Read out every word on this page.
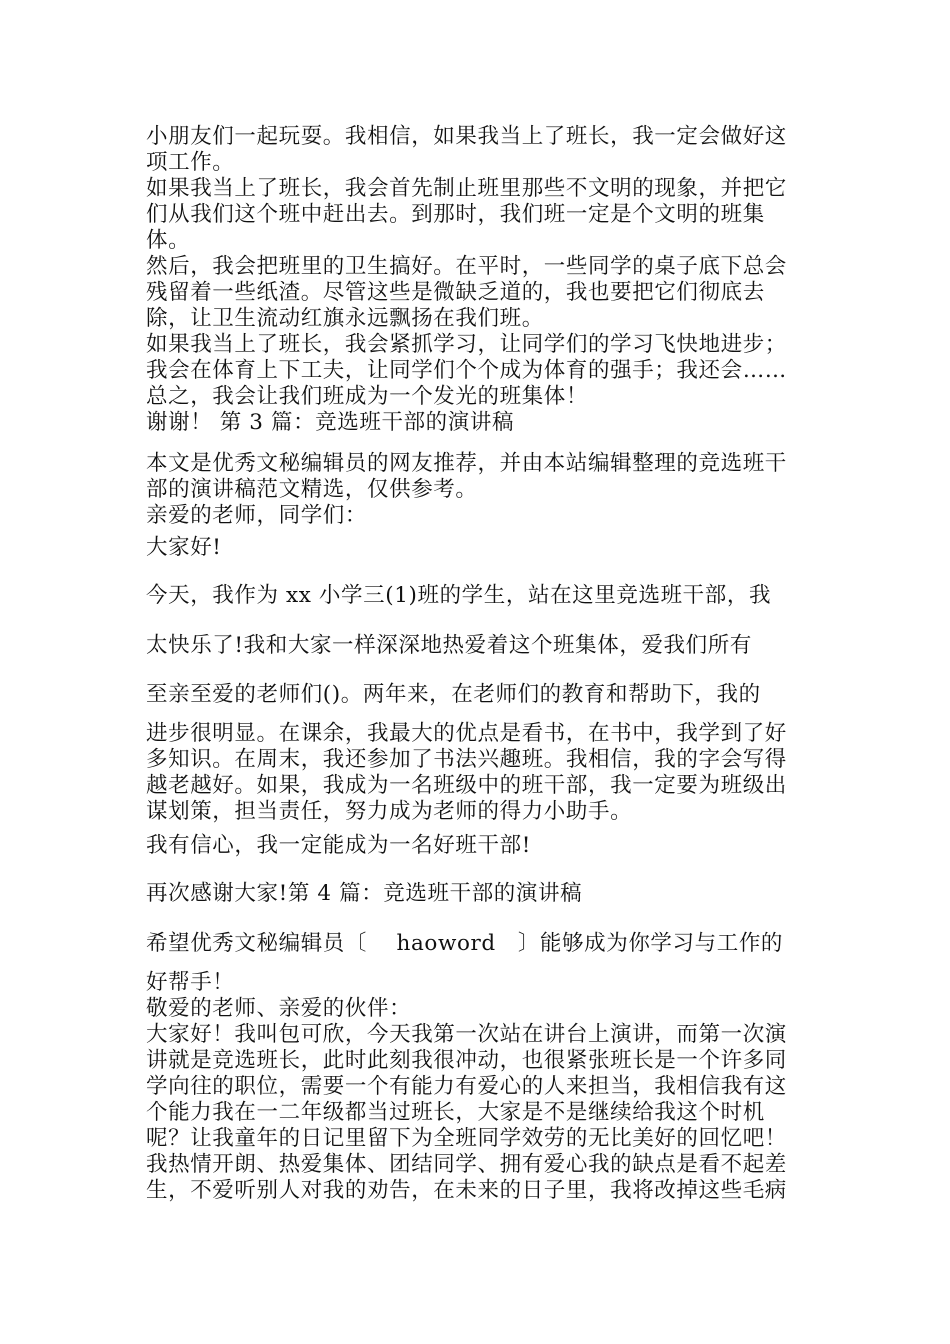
小朋友们一起玩耍。我相信，如果我当上了班长，我一定会做好这项工作。

如果我当上了班长，我会首先制止班里那些不文明的现象，并把它们从我们这个班中赶出去。到那时，我们班一定是个文明的班集体。

然后，我会把班里的卫生搞好。在平时，一些同学的桌子底下总会残留着一些纸渣。尽管这些是微缺乏道的，我也要把它们彻底去除，让卫生流动红旗永远飘扬在我们班。

如果我当上了班长，我会紧抓学习，让同学们的学习飞快地进步；我会在体育上下工夫，让同学们个个成为体育的强手；我还会……总之，我会让我们班成为一个发光的班集体！

谢谢！ 第 3 篇：竞选班干部的演讲稿

本文是优秀文秘编辑员的网友推荐，并由本站编辑整理的竞选班干部的演讲稿范文精选，仅供参考。

亲爱的老师，同学们：

大家好!

今天，我作为 xx 小学三(1)班的学生，站在这里竞选班干部，我

太快乐了!我和大家一样深深地热爱着这个班集体，爱我们所有

至亲至爱的老师们()。两年来，在老师们的教育和帮助下，我的

进步很明显。在课余，我最大的优点是看书，在书中，我学到了好多知识。在周末，我还参加了书法兴趣班。我相信，我的字会写得越老越好。如果，我成为一名班级中的班干部，我一定要为班级出谋划策，担当责任，努力成为老师的得力小助手。

我有信心，我一定能成为一名好班干部!

再次感谢大家!第 4 篇：竞选班干部的演讲稿

希望优秀文秘编辑员〔　 haoword　〕能够成为你学习与工作的

好帮手！

敬爱的老师、亲爱的伙伴：

大家好！我叫包可欣，今天我第一次站在讲台上演讲，而第一次演讲就是竞选班长，此时此刻我很冲动，也很紧张班长是一个许多同学向往的职位，需要一个有能力有爱心的人来担当，我相信我有这个能力我在一二年级都当过班长，大家是不是继续给我这个时机呢？让我童年的日记里留下为全班同学效劳的无比美好的回忆吧！我热情开朗、热爱集体、团结同学、拥有爱心我的缺点是看不起差生，不爱听别人对我的劝告，在未来的日子里，我将改掉这些毛病
